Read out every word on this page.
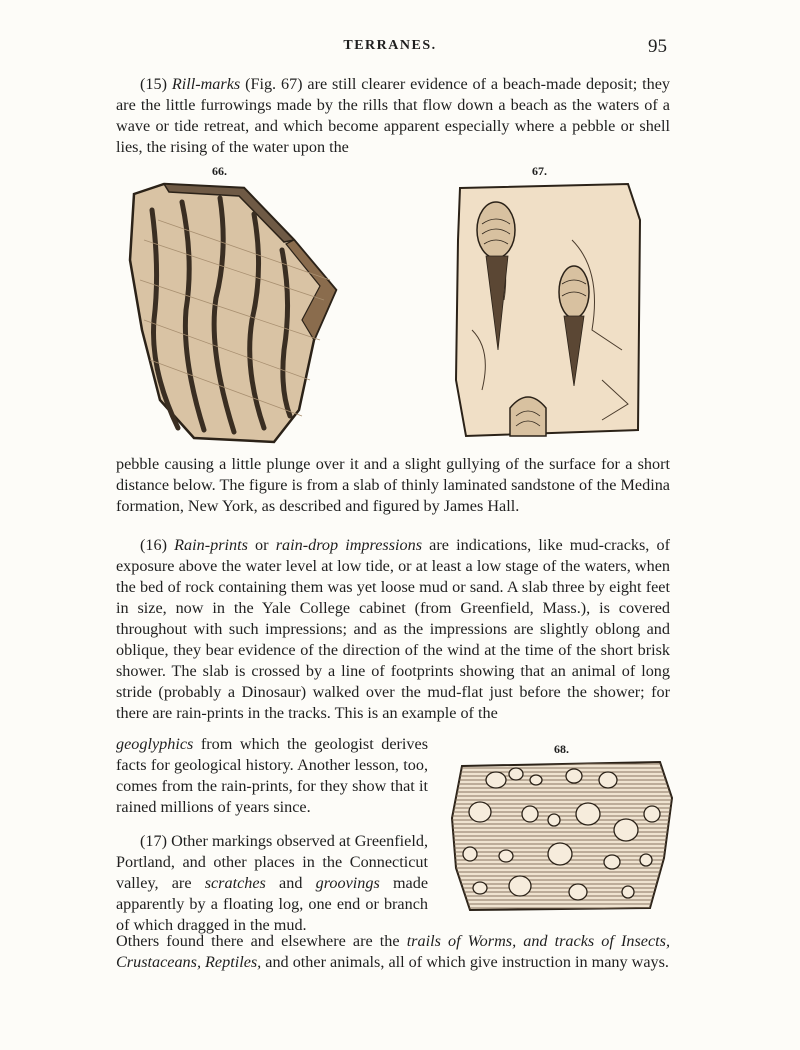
TERRANES.	95

(15) Rill-marks (Fig. 67) are still clearer evidence of a beach-made deposit; they are the little furrowings made by the rills that flow down a beach as the waters of a wave or tide retreat, and which become apparent especially where a pebble or shell lies, the rising of the water upon the

66.	67.

pebble causing a little plunge over it and a slight gullying of the surface for a short distance below. The figure is from a slab of thinly laminated sandstone of the Medina formation, New York, as described and figured by James Hall.

(16) Rain-prints or rain-drop impressions are indications, like mud-cracks, of exposure above the water level at low tide, or at least a low stage of the waters, when the bed of rock containing them was yet loose mud or sand. A slab three by eight feet in size, now in the Yale College cabinet (from Greenfield, Mass.), is covered throughout with such impressions; and as the impressions are slightly oblong and oblique, they bear evidence of the direction of the wind at the time of the short brisk shower. The slab is crossed by a line of footprints showing that an animal of long stride (probably a Dinosaur) walked over the mud-flat just before the shower; for there are rain-prints in the tracks. This is an example of the

geoglyphics from which the geologist derives facts for geological history. Another lesson, too, comes from the rain-prints, for they show that it rained millions of years since.

(17) Other markings observed at Greenfield, Portland, and other places in the Connecticut valley, are scratches and groovings made apparently by a floating log, one end or branch of which dragged in the mud.

Others found there and elsewhere are the trails of Worms, and tracks of Insects, Crustaceans, Reptiles, and other animals, all of which give instruction in many ways.

68.
